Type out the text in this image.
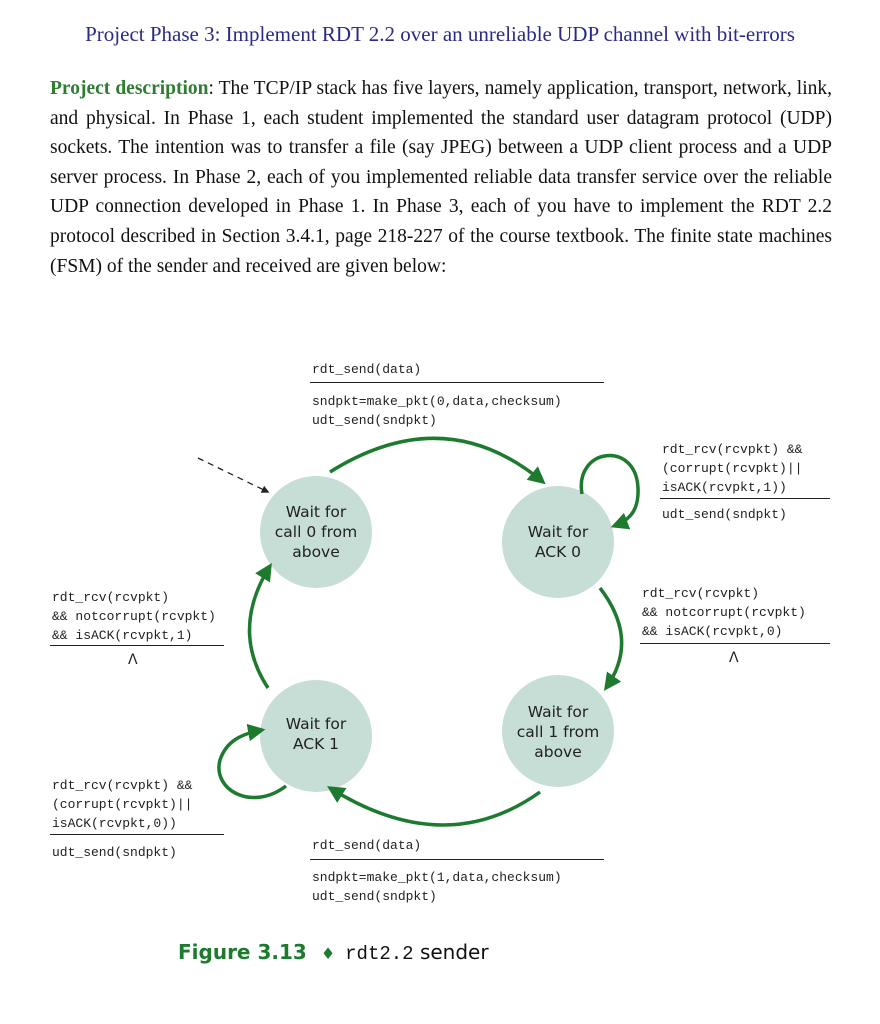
Project Phase 3: Implement RDT 2.2 over an unreliable UDP channel with bit-errors
Project description: The TCP/IP stack has five layers, namely application, transport, network, link, and physical. In Phase 1, each student implemented the standard user datagram protocol (UDP) sockets. The intention was to transfer a file (say JPEG) between a UDP client process and a UDP server process. In Phase 2, each of you implemented reliable data transfer service over the reliable UDP connection developed in Phase 1. In Phase 3, each of you have to implement the RDT 2.2 protocol described in Section 3.4.1, page 218-227 of the course textbook. The finite state machines (FSM) of the sender and received are given below:
Wait for
call 0 from
above
Wait for
ACK 0
Wait for
call 1 from
above
Wait for
ACK 1
rdt_send(data)
sndpkt=make_pkt(0,data,checksum)
udt_send(sndpkt)
rdt_rcv(rcvpkt) &&
(corrupt(rcvpkt)||
isACK(rcvpkt,1))
udt_send(sndpkt)
rdt_rcv(rcvpkt)
&& notcorrupt(rcvpkt)
&& isACK(rcvpkt,0)
Λ
rdt_rcv(rcvpkt)
&& notcorrupt(rcvpkt)
&& isACK(rcvpkt,1)
Λ
rdt_rcv(rcvpkt) &&
(corrupt(rcvpkt)||
isACK(rcvpkt,0))
udt_send(sndpkt)	rdt_send(data)
sndpkt=make_pkt(1,data,checksum)
udt_send(sndpkt)
Figure 3.13 ♦ rdt2.2 sender
